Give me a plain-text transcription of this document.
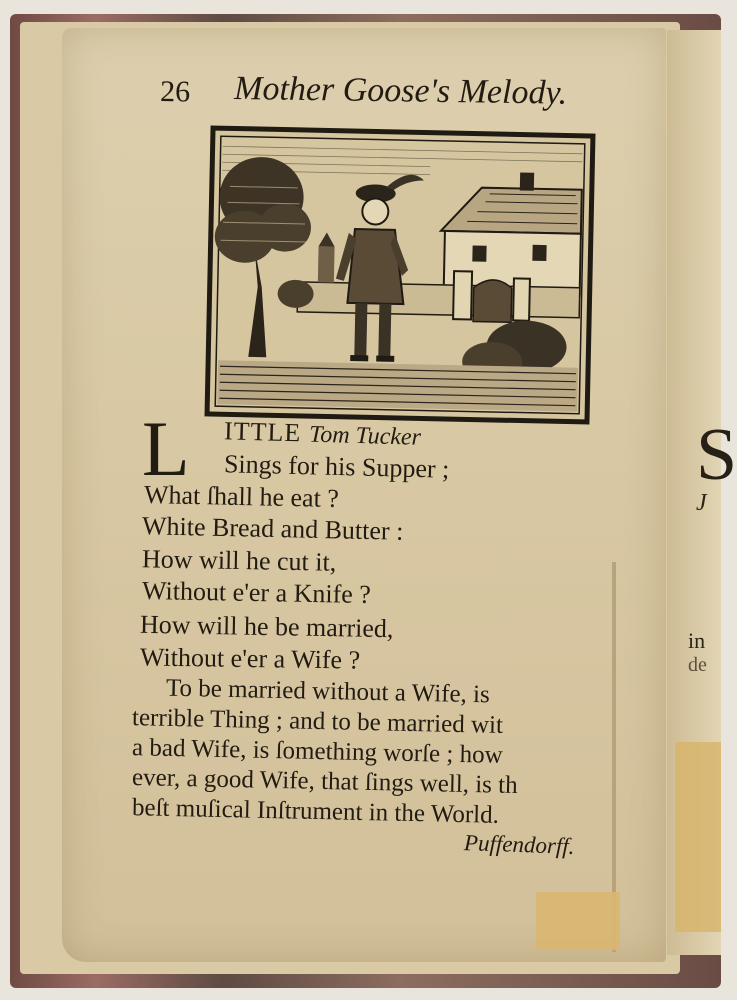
S
J
in
de
26 Mother Goose's Melody.
L ITTLE Tom Tucker
Sings for his Supper ;
What ſhall he eat ?
White Bread and Butter :
How will he cut it,
Without e'er a Knife ?
How will he be married,
Without e'er a Wife ?
To be married without a Wife, is
terrible Thing ; and to be married wit
a bad Wife, is ſomething worſe ; how
ever, a good Wife, that ſings well, is th
beſt muſical Inſtrument in the World.
Puffendorff.
